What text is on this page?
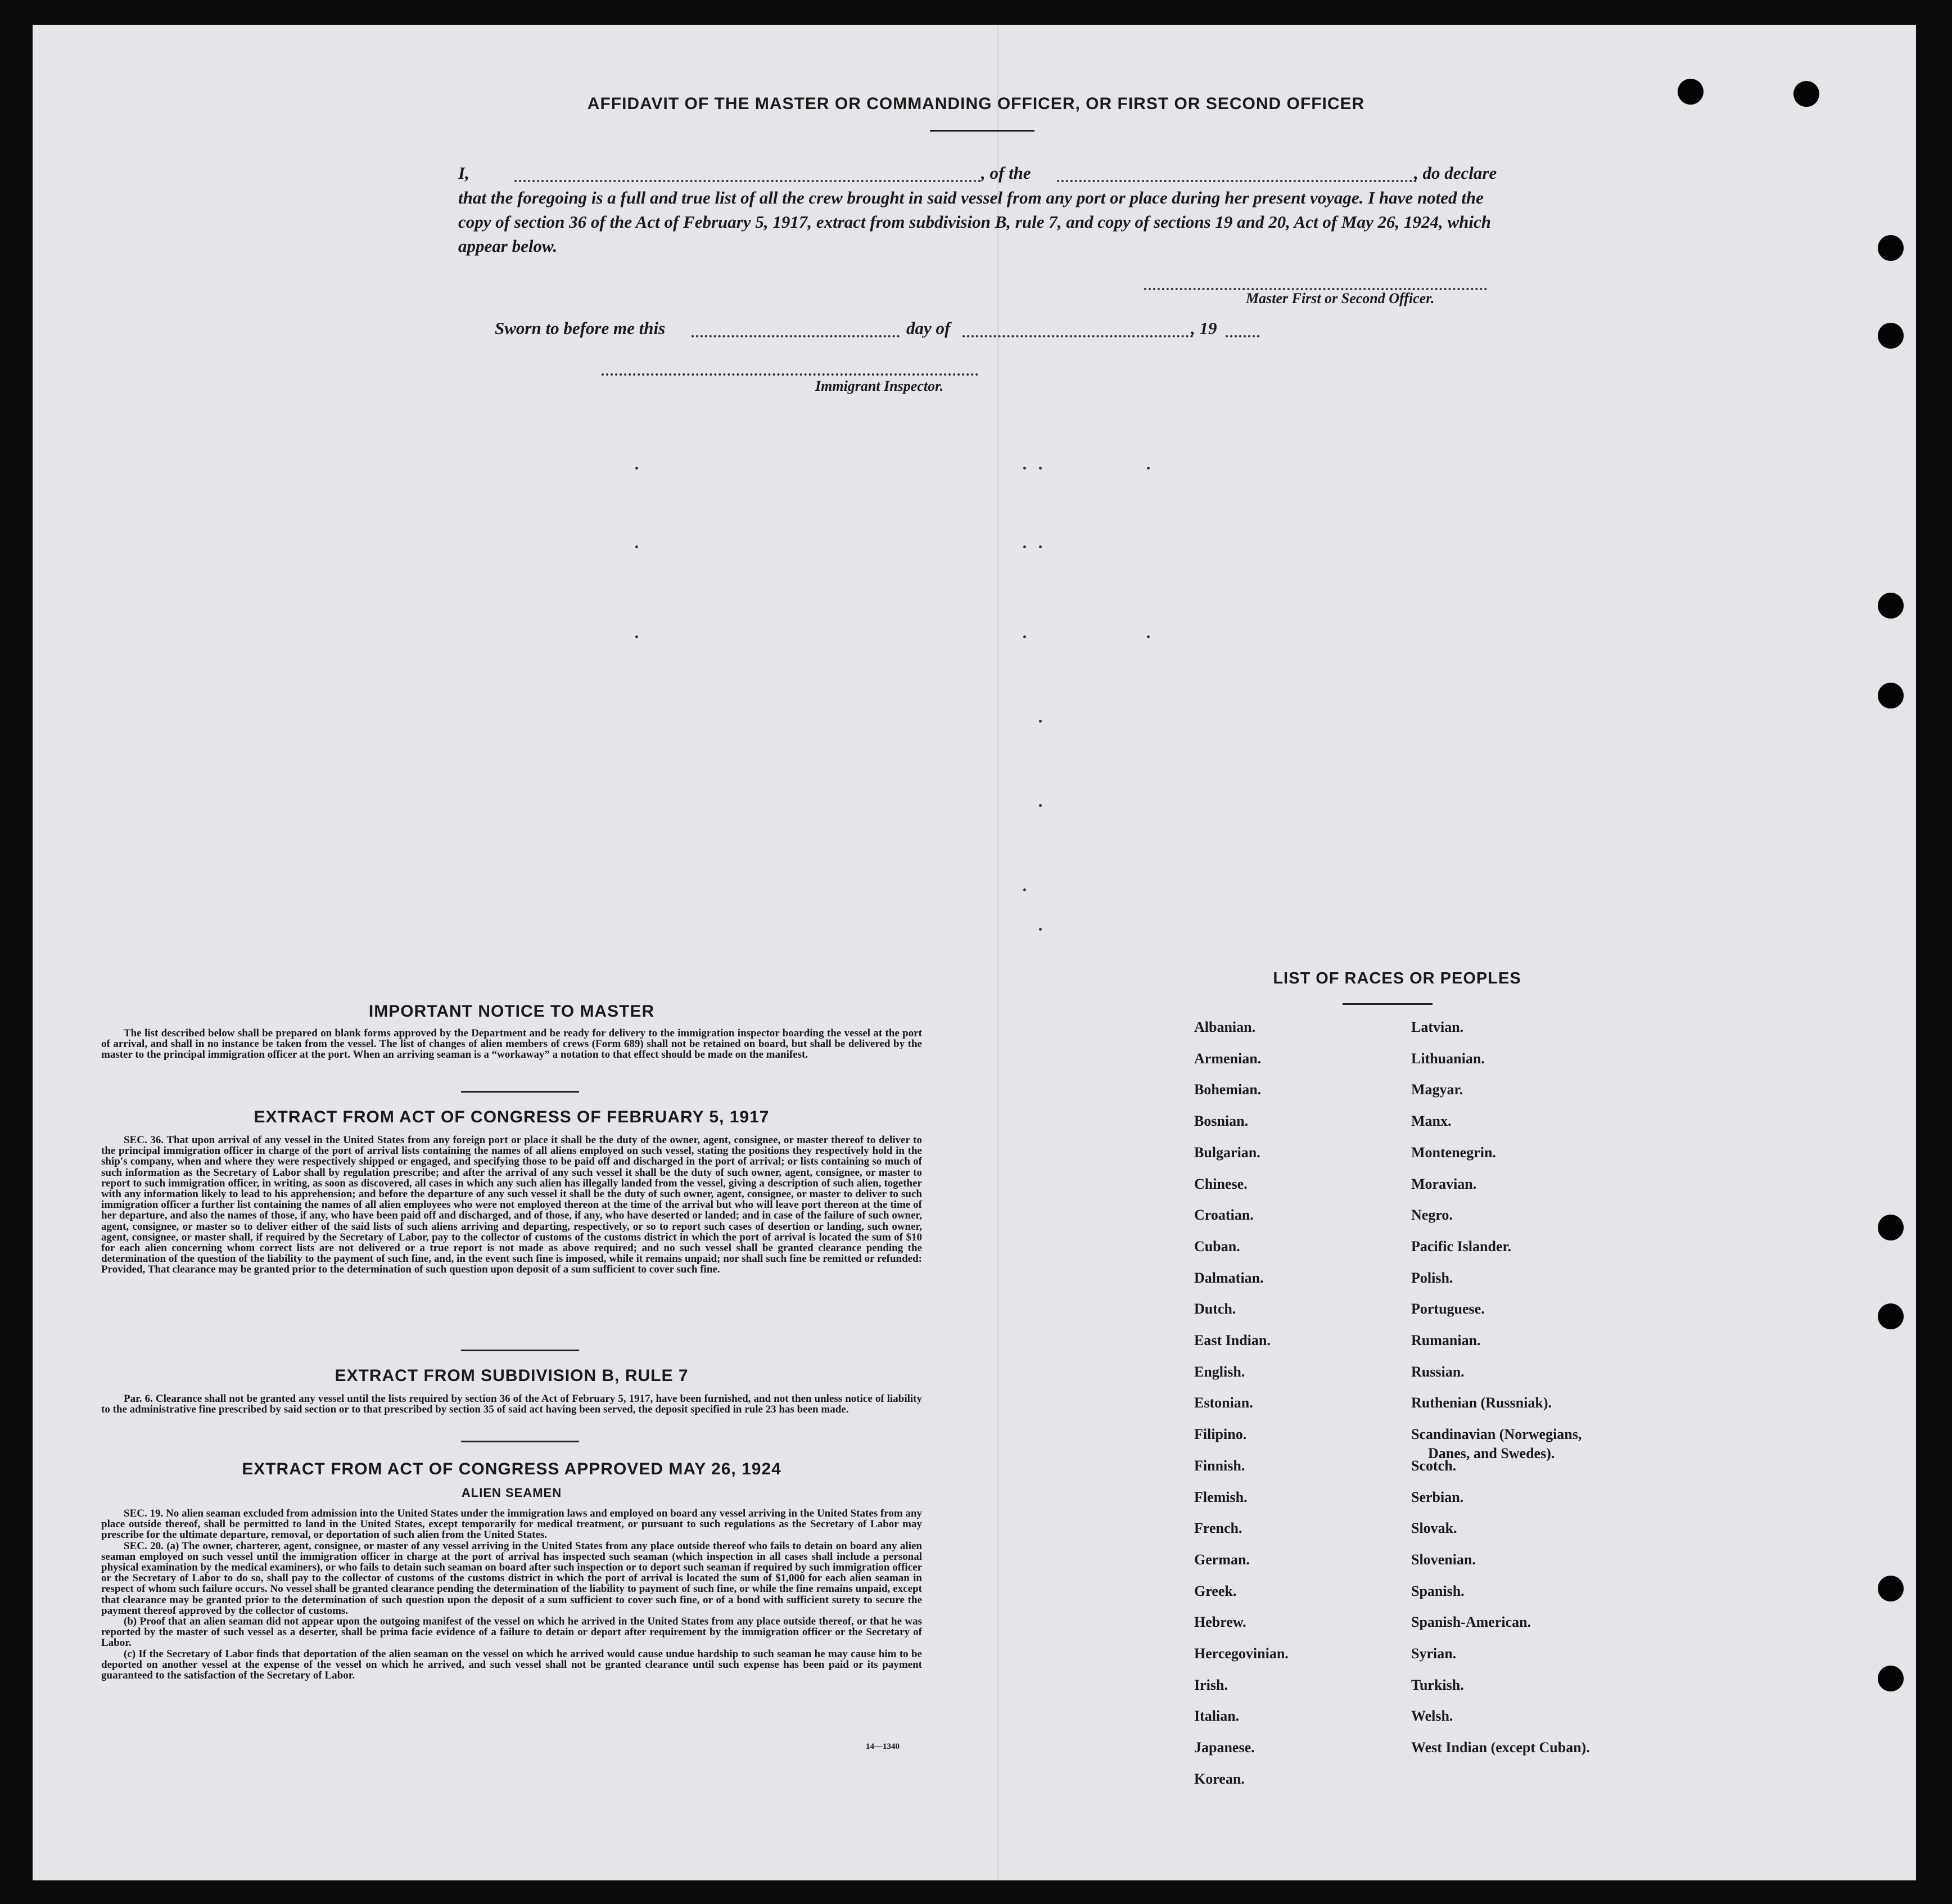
AFFIDAVIT OF THE MASTER OR COMMANDING OFFICER, OR FIRST OR SECOND OFFICER
I,	, of the	, do declare
that the foregoing is a full and true list of all the crew brought in said vessel from any port or place during her present voyage. I have noted the copy of section 36 of the Act of February 5, 1917, extract from subdivision B, rule 7, and copy of sections 19 and 20, Act of May 26, 1924, which appear below.
Master First or Second Officer.
Sworn to before me this	day of	, 19
Immigrant Inspector.
IMPORTANT NOTICE TO MASTER

The list described below shall be prepared on blank forms approved by the Department and be ready for delivery to the immigration inspector boarding the vessel at the port of arrival, and shall in no instance be taken from the vessel. The list of changes of alien members of crews (Form 689) shall not be retained on board, but shall be delivered by the master to the principal immigration officer at the port. When an arriving seaman is a “workaway” a notation to that effect should be made on the manifest.

EXTRACT FROM ACT OF CONGRESS OF FEBRUARY 5, 1917

SEC. 36. That upon arrival of any vessel in the United States from any foreign port or place it shall be the duty of the owner, agent, consignee, or master thereof to deliver to the principal immigration officer in charge of the port of arrival lists containing the names of all aliens employed on such vessel, stating the positions they respectively hold in the ship's company, when and where they were respectively shipped or engaged, and specifying those to be paid off and discharged in the port of arrival; or lists containing so much of such information as the Secretary of Labor shall by regulation prescribe; and after the arrival of any such vessel it shall be the duty of such owner, agent, consignee, or master to report to such immigration officer, in writing, as soon as discovered, all cases in which any such alien has illegally landed from the vessel, giving a description of such alien, together with any information likely to lead to his apprehension; and before the departure of any such vessel it shall be the duty of such owner, agent, consignee, or master to deliver to such immigration officer a further list containing the names of all alien employees who were not employed thereon at the time of the arrival but who will leave port thereon at the time of her departure, and also the names of those, if any, who have been paid off and discharged, and of those, if any, who have deserted or landed; and in case of the failure of such owner, agent, consignee, or master so to deliver either of the said lists of such aliens arriving and departing, respectively, or so to report such cases of desertion or landing, such owner, agent, consignee, or master shall, if required by the Secretary of Labor, pay to the collector of customs of the customs district in which the port of arrival is located the sum of $10 for each alien concerning whom correct lists are not delivered or a true report is not made as above required; and no such vessel shall be granted clearance pending the determination of the question of the liability to the payment of such fine, and, in the event such fine is imposed, while it remains unpaid; nor shall such fine be remitted or refunded: Provided, That clearance may be granted prior to the determination of such question upon deposit of a sum sufficient to cover such fine.

EXTRACT FROM SUBDIVISION B, RULE 7

Par. 6. Clearance shall not be granted any vessel until the lists required by section 36 of the Act of February 5, 1917, have been furnished, and not then unless notice of liability to the administrative fine prescribed by said section or to that prescribed by section 35 of said act having been served, the deposit specified in rule 23 has been made.

EXTRACT FROM ACT OF CONGRESS APPROVED MAY 26, 1924
ALIEN SEAMEN

SEC. 19. No alien seaman excluded from admission into the United States under the immigration laws and employed on board any vessel arriving in the United States from any place outside thereof, shall be permitted to land in the United States, except temporarily for medical treatment, or pursuant to such regulations as the Secretary of Labor may prescribe for the ultimate departure, removal, or deportation of such alien from the United States.

SEC. 20. (a) The owner, charterer, agent, consignee, or master of any vessel arriving in the United States from any place outside thereof who fails to detain on board any alien seaman employed on such vessel until the immigration officer in charge at the port of arrival has inspected such seaman (which inspection in all cases shall include a personal physical examination by the medical examiners), or who fails to detain such seaman on board after such inspection or to deport such seaman if required by such immigration officer or the Secretary of Labor to do so, shall pay to the collector of customs of the customs district in which the port of arrival is located the sum of $1,000 for each alien seaman in respect of whom such failure occurs. No vessel shall be granted clearance pending the determination of the liability to payment of such fine, or while the fine remains unpaid, except that clearance may be granted prior to the determination of such question upon the deposit of a sum sufficient to cover such fine, or of a bond with sufficient surety to secure the payment thereof approved by the collector of customs.

(b) Proof that an alien seaman did not appear upon the outgoing manifest of the vessel on which he arrived in the United States from any place outside thereof, or that he was reported by the master of such vessel as a deserter, shall be prima facie evidence of a failure to detain or deport after requirement by the immigration officer or the Secretary of Labor.

(c) If the Secretary of Labor finds that deportation of the alien seaman on the vessel on which he arrived would cause undue hardship to such seaman he may cause him to be deported on another vessel at the expense of the vessel on which he arrived, and such vessel shall not be granted clearance until such expense has been paid or its payment guaranteed to the satisfaction of the Secretary of Labor.

14—1340
LIST OF RACES OR PEOPLES
Albanian.
Armenian.
Bohemian.
Bosnian.
Bulgarian.
Chinese.
Croatian.
Cuban.
Dalmatian.
Dutch.
East Indian.
English.
Estonian.
Filipino.
Finnish.
Flemish.
French.
German.
Greek.
Hebrew.
Hercegovinian.
Irish.
Italian.
Japanese.
Korean.
Latvian.
Lithuanian.
Magyar.
Manx.
Montenegrin.
Moravian.
Negro.
Pacific Islander.
Polish.
Portuguese.
Rumanian.
Russian.
Ruthenian (Russniak).
Scandinavian (Norwegians,
Danes, and Swedes).
Scotch.
Serbian.
Slovak.
Slovenian.
Spanish.
Spanish-American.
Syrian.
Turkish.
Welsh.
West Indian (except Cuban).
